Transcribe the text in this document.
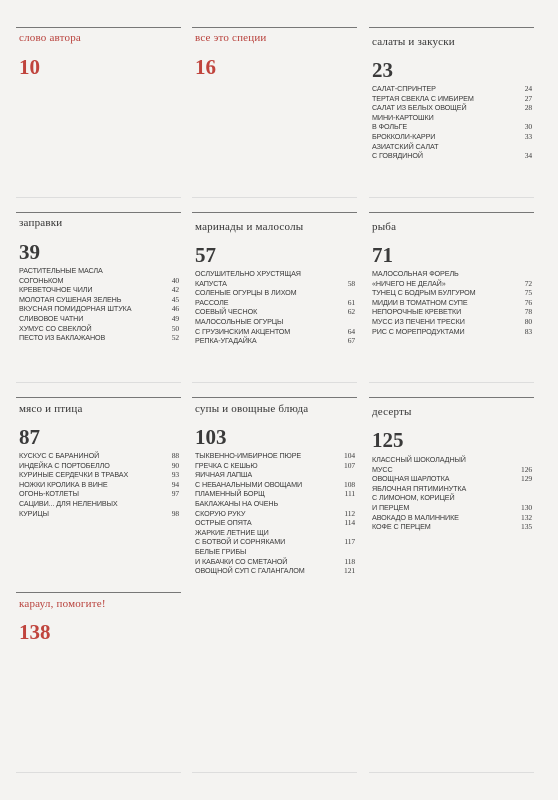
слово автора
10
все это специи
16
салаты и закуски
23
САЛАТ-СПРИНТЕР	24
ТЕРТАЯ СВЕКЛА С ИМБИРЕМ	27
САЛАТ ИЗ БЕЛЫХ ОВОЩЕЙ	28
МИНИ-КАРТОШКИ
В ФОЛЬГЕ	30
БРОККОЛИ-КАРРИ	33
АЗИАТСКИЙ САЛАТ
С ГОВЯДИНОЙ	34
заправки
39
РАСТИТЕЛЬНЫЕ МАСЛА
СОГОНЬКОМ	40
КРЕВЕТОЧНОЕ ЧИЛИ	42
МОЛОТАЯ СУШЕНАЯ ЗЕЛЕНЬ	45
ВКУСНАЯ ПОМИДОРНАЯ ШТУКА	46
СЛИВОВОЕ ЧАТНИ	49
ХУМУС СО СВЕКЛОЙ	50
ПЕСТО ИЗ БАКЛАЖАНОВ	52
маринады и малосолы
57
ОСЛУШИТЕЛЬНО ХРУСТЯЩАЯ
КАПУСТА	58
СОЛЕНЫЕ ОГУРЦЫ В ЛИХОМ
РАССОЛЕ	61
СОЕВЫЙ ЧЕСНОК	62
МАЛОСОЛЬНЫЕ ОГУРЦЫ
С ГРУЗИНСКИМ АКЦЕНТОМ	64
РЕПКА-УГАДАЙКА	67
рыба
71
МАЛОСОЛЬНАЯ ФОРЕЛЬ
«НИЧЕГО НЕ ДЕЛАЙ»	72
ТУНЕЦ С БОДРЫМ БУЛГУРОМ	75
МИДИИ В ТОМАТНОМ СУПЕ	76
НЕПОРОЧНЫЕ КРЕВЕТКИ	78
МУСС ИЗ ПЕЧЕНИ ТРЕСКИ	80
РИС С МОРЕПРОДУКТАМИ	83
мясо и птица
87
КУСКУС С БАРАНИНОЙ	88
ИНДЕЙКА С ПОРТОБЕЛЛО	90
КУРИНЫЕ СЕРДЕЧКИ В ТРАВАХ	93
НОЖКИ КРОЛИКА В ВИНЕ	94
ОГОНЬ-КОТЛЕТЫ	97
САЦИВИ... ДЛЯ НЕЛЕНИВЫХ
КУРИЦЫ	98
супы и овощные блюда
103
ТЫКВЕННО-ИМБИРНОЕ ПЮРЕ	104
ГРЕЧКА С КЕШЬЮ	107
ЯИЧНАЯ ЛАПША
С НЕБАНАЛЬНЫМИ ОВОЩАМИ	108
ПЛАМЕННЫЙ БОРЩ	111
БАКЛАЖАНЫ НА ОЧЕНЬ
СКОРУЮ РУКУ	112
ОСТРЫЕ ОПЯТА	114
ЖАРКИЕ ЛЕТНИЕ ЩИ
С БОТВОЙ И СОРНЯКАМИ	117
БЕЛЫЕ ГРИБЫ
И КАБАЧКИ СО СМЕТАНОЙ	118
ОВОЩНОЙ СУП С ГАЛАНГАЛОМ	121
десерты
125
КЛАССНЫЙ ШОКОЛАДНЫЙ
МУСС	126
ОВОЩНАЯ ШАРЛОТКА	129
ЯБЛОЧНАЯ ПЯТИМИНУТКА
С ЛИМОНОМ, КОРИЦЕЙ
И ПЕРЦЕМ	130
АВОКАДО В МАЛИННИКЕ	132
КОФЕ С ПЕРЦЕМ	135
караул, помогите!
138
